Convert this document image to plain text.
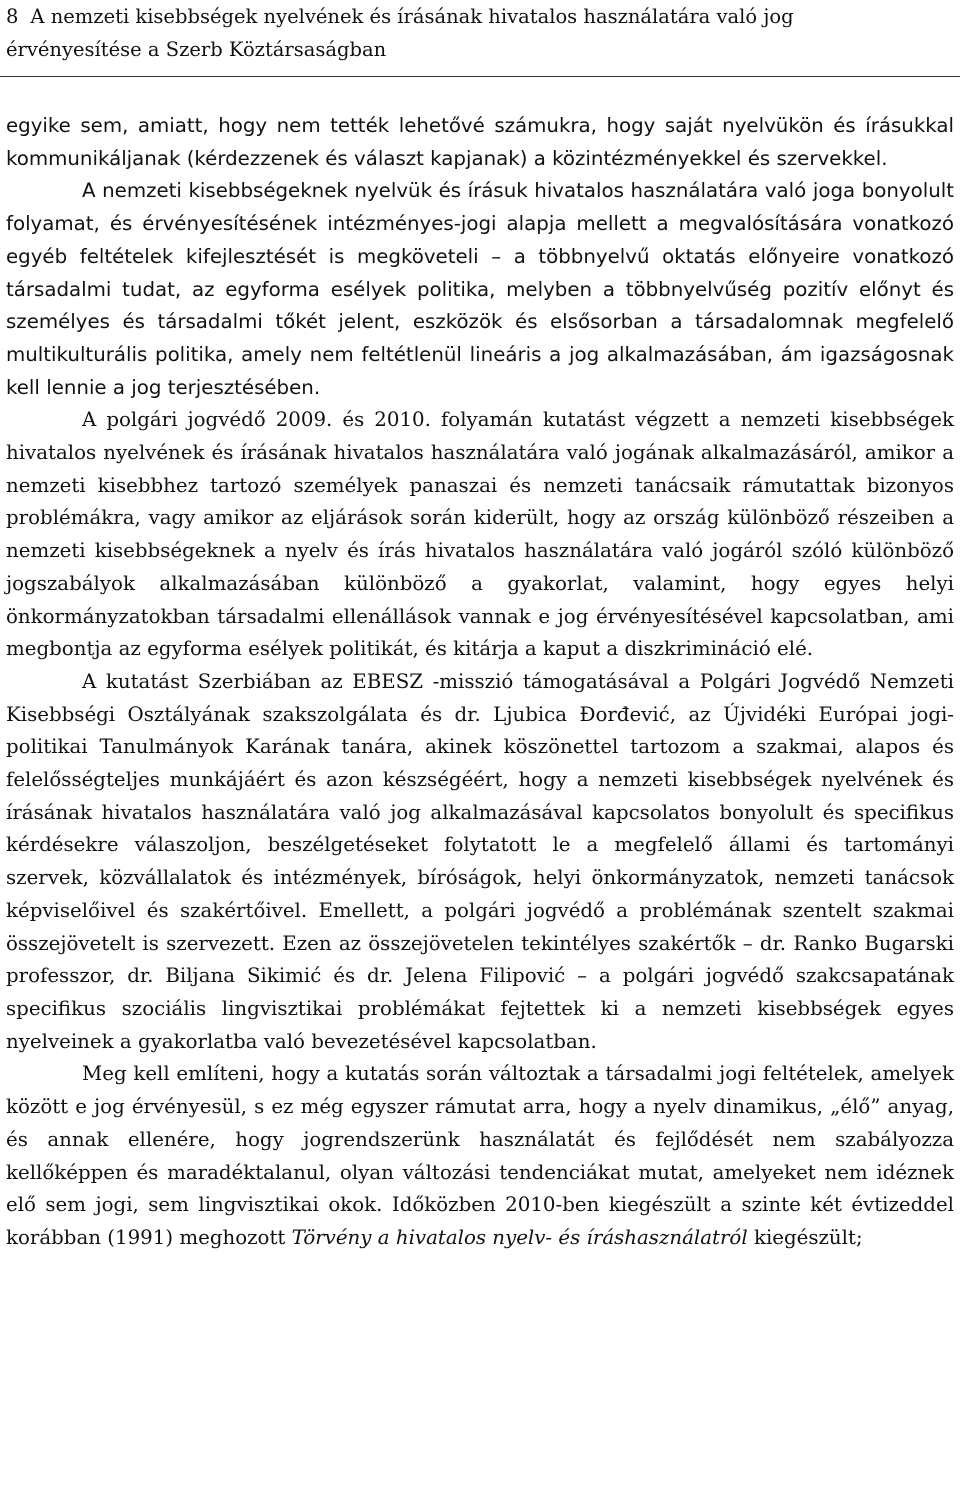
8 A nemzeti kisebbségek nyelvének és írásának hivatalos használatára való jog
érvényesítése a Szerb Köztársaságban

egyike sem, amiatt, hogy nem tették lehetővé számukra, hogy saját nyelvükön és írásukkal kommunikáljanak (kérdezzenek és választ kapjanak) a közintézményekkel és szervekkel.

A nemzeti kisebbségeknek nyelvük és írásuk hivatalos használatára való joga bonyolult folyamat, és érvényesítésének intézményes-jogi alapja mellett a megvalósítására vonatkozó egyéb feltételek kifejlesztését is megköveteli – a többnyelvű oktatás előnyeire vonatkozó társadalmi tudat, az egyforma esélyek politika, melyben a többnyelvűség pozitív előnyt és személyes és társadalmi tőkét jelent, eszközök és elsősorban a társadalomnak megfelelő multikulturális politika, amely nem feltétlenül lineáris a jog alkalmazásában, ám igazságosnak kell lennie a jog terjesztésében.

A polgári jogvédő 2009. és 2010. folyamán kutatást végzett a nemzeti kisebbségek hivatalos nyelvének és írásának hivatalos használatára való jogának alkalmazásáról, amikor a nemzeti kisebbhez tartozó személyek panaszai és nemzeti tanácsaik rámutattak bizonyos problémákra, vagy amikor az eljárások során kiderült, hogy az ország különböző részeiben a nemzeti kisebbségeknek a nyelv és írás hivatalos használatára való jogáról szóló különböző jogszabályok alkalmazásában különböző a gyakorlat, valamint, hogy egyes helyi önkormányzatokban társadalmi ellenállások vannak e jog érvényesítésével kapcsolatban, ami megbontja az egyforma esélyek politikát, és kitárja a kaput a diszkrimináció elé.

A kutatást Szerbiában az EBESZ -misszió támogatásával a Polgári Jogvédő Nemzeti Kisebbségi Osztályának szakszolgálata és dr. Ljubica Đorđević, az Újvidéki Európai jogi-politikai Tanulmányok Karának tanára, akinek köszönettel tartozom a szakmai, alapos és felelősségteljes munkájáért és azon készségéért, hogy a nemzeti kisebbségek nyelvének és írásának hivatalos használatára való jog alkalmazásával kapcsolatos bonyolult és specifikus kérdésekre válaszoljon, beszélgetéseket folytatott le a megfelelő állami és tartományi szervek, közvállalatok és intézmények, bíróságok, helyi önkormányzatok, nemzeti tanácsok képviselőivel és szakértőivel. Emellett, a polgári jogvédő a problémának szentelt szakmai összejövetelt is szervezett. Ezen az összejövetelen tekintélyes szakértők – dr. Ranko Bugarski professzor, dr. Biljana Sikimić és dr. Jelena Filipović – a polgári jogvédő szakcsapatának specifikus szociális lingvisztikai problémákat fejtettek ki a nemzeti kisebbségek egyes nyelveinek a gyakorlatba való bevezetésével kapcsolatban.

Meg kell említeni, hogy a kutatás során változtak a társadalmi jogi feltételek, amelyek között e jog érvényesül, s ez még egyszer rámutat arra, hogy a nyelv dinamikus, „élő” anyag, és annak ellenére, hogy jogrendszerünk használatát és fejlődését nem szabályozza kellőképpen és maradéktalanul, olyan változási tendenciákat mutat, amelyeket nem idéznek elő sem jogi, sem lingvisztikai okok. Időközben 2010-ben kiegészült a szinte két évtizeddel korábban (1991) meghozott Törvény a hivatalos nyelv- és íráshasználatról kiegészült;
